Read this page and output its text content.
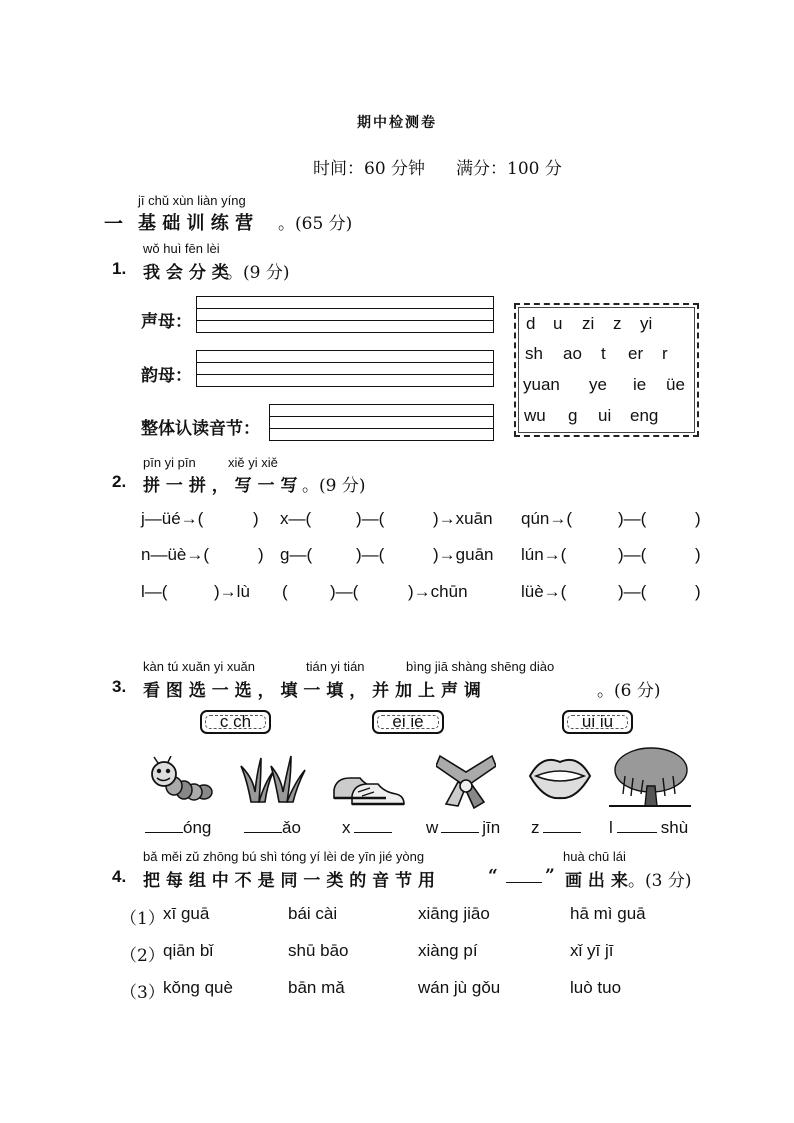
期中检测卷
时间：60 分钟 满分：100 分
jī chǔ xùn liàn yíng
一 基 础 训 练 营 。(65 分)
wǒ huì fēn lèi
1. 我 会 分 类
。(9 分)
声母：
韵母：
整体认读音节：
d u zi z yi
sh ao t er r
yuan ye ie üe
wu g ui eng
pīn yi pīn xiě yi xiě
2. 拼 一 拼 ， 写 一 写 。(9 分)
j—üé→(	) x—(	)—(	)→xuān qún→(	)—(	)
n—üè→(	) g—(	)—(	)→guān lún→(	)—(	)
l—(	)→lù ( )—(	)→chūn	lüè→(	)—(	)
kàn tú xuǎn yi xuǎn	tián yi tián	bìng jiā shàng shēng diào
3. 看 图 选 一 选 ， 填 一 填 ， 并 加 上 声 调	。(6 分)
c ch	ei ie	ui iu
óng	ǎo x	w	jīn z	l	shù
bǎ měi zǔ zhōng bú shì tóng yí lèi de yīn jié yòng	huà chū lái
4. 把 每 组 中 不 是 同 一 类 的 音 节 用	“	” 画 出 来 。(3 分)
（1）
xī guā	bái cài	xiāng jiāo	hā mì guā
（2）
qiān bǐ	shū bāo	xiàng pí	xǐ yī jī
（3）
kǒng què	bān mǎ	wán jù gǒu	luò tuo
